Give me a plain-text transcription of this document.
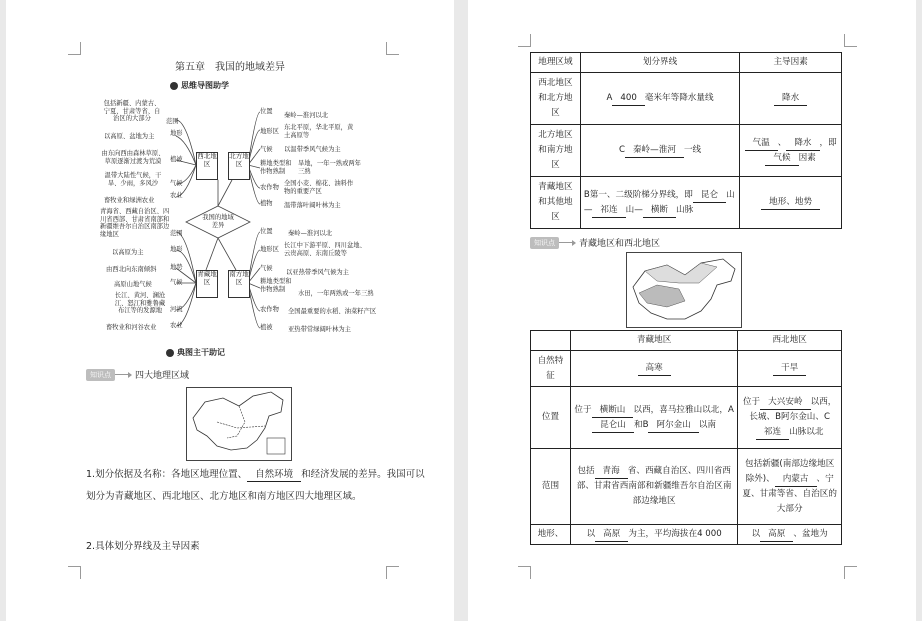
第五章　我国的地域差异
思维导图助学
西北地区
北方地区
青藏地区
南方地区
我国的地域差异
包括新疆、内蒙古、宁夏、甘肃等省、自治区的大部分	范围
以高原、盆地为主 地形
由东向西由森林草原、草原逐渐过渡为荒漠	植被
温带大陆性气候，干旱、少雨，多风沙	气候
畜牧业和绿洲农业
农业
位置
秦岭—淮河以北
地形区
东北平原，华北平原，黄土高原等
气候 以温带季风气候为主
耕地类型和作物熟制
旱地，一年一熟或两年三熟
农作物
全国小麦、棉花、油料作物的重要产区
植物 温带落叶阔叶林为主
青海省、西藏自治区、四川省西部、甘肃省南部和新疆维吾尔自治区南部边缘地区	范围
以高原为主	地形
由西北向东南倾斜 地势
高原山地气候	气候
长江、黄河、澜沧江、怒江和雅鲁藏布江等的发源地	河流
畜牧业和河谷农业 农业
位置 秦岭—淮河以北
地形区
长江中下游平原、四川盆地、云贵高原、东南丘陵等
气候
以亚热带季风气候为主
耕地类型和作物熟制
水田，一年两熟或一年三熟
农作物 全国最重要的水稻、油菜籽产区
植被 亚热带常绿阔叶林为主
典图主干助记
知识点	四大地理区域
1.划分依据及名称：各地区地理位置、 自然环境 和经济发展的差异。我国可以划分为青藏地区、西北地区、北方地区和南方地区四大地理区域。
2.具体划分界线及主导因素
地理区域	划分界线	主导因素
西北地区和北方地区	A 400 毫米年等降水量线	降水
北方地区和南方地区	C 秦岭—淮河 一线	气温 、 降水 ，即气候 因素
青藏地区和其他地区	B第一、二级阶梯分界线，即 昆仑 山— 祁连 山— 横断 山脉	地形、地势
知识点	青藏地区和西北地区
	青藏地区	西北地区
自然特征	高寒	干旱
位置	位于 横断山 以西，喜马拉雅山以北，A昆仑山 和B 阿尔金山 以南	位于 大兴安岭 以西，长城、B阿尔金山、C祁连 山脉以北
范围	包括 青海 省、西藏自治区、四川省西部、甘肃省西南部和新疆维吾尔自治区南部边缘地区	包括新疆(南部边缘地区除外)、 内蒙古 、宁夏、甘肃等省、自治区的大部分
地形、	以 高原 为主，平均海拔在4 000	以 高原 、盆地为
